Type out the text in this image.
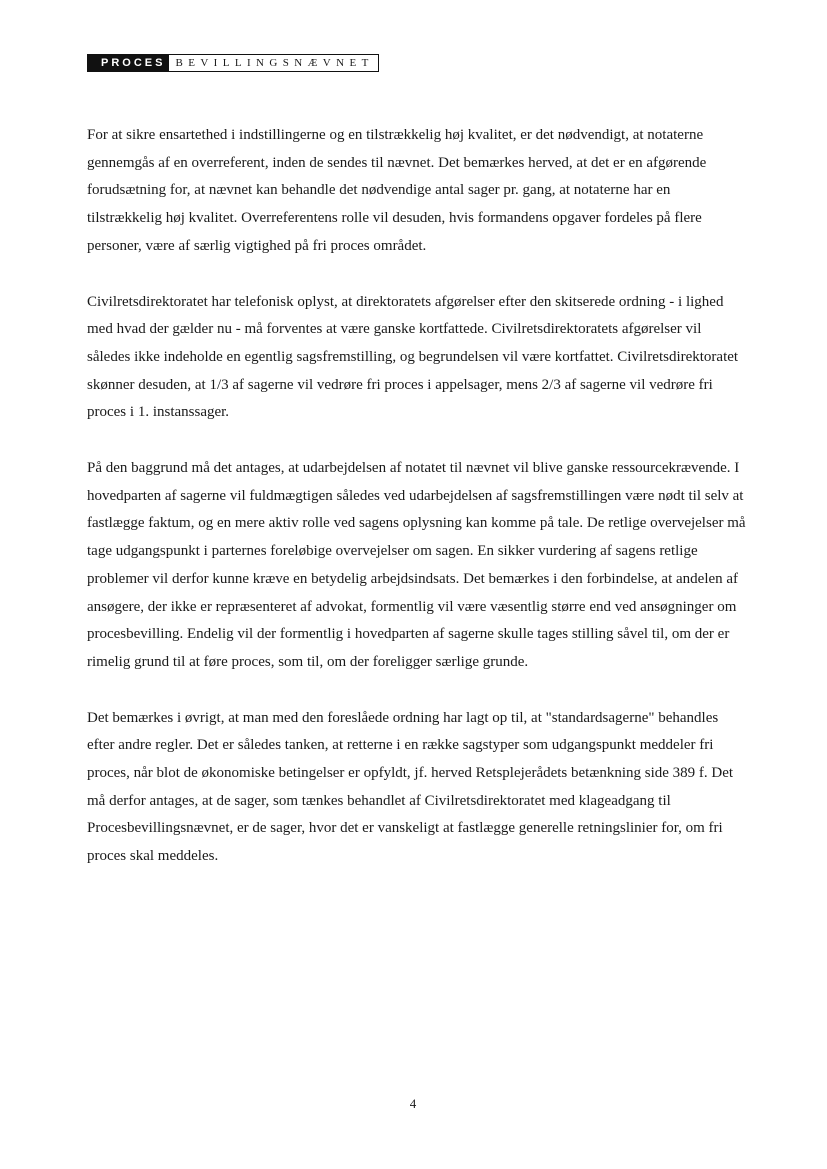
PROCES BEVILLINGSNÆVNET

For at sikre ensartethed i indstillingerne og en tilstrækkelig høj kvalitet, er det nødvendigt, at notaterne gennemgås af en overreferent, inden de sendes til nævnet. Det bemærkes herved, at det er en afgørende forudsætning for, at nævnet kan behandle det nødvendige antal sager pr. gang, at notaterne har en tilstrækkelig høj kvalitet. Overreferentens rolle vil desuden, hvis formandens opgaver fordeles på flere personer, være af særlig vigtighed på fri proces området.

Civilretsdirektoratet har telefonisk oplyst, at direktoratets afgørelser efter den skitserede ordning - i lighed med hvad der gælder nu - må forventes at være ganske kortfattede. Civilretsdirektoratets afgørelser vil således ikke indeholde en egentlig sagsfremstilling, og begrundelsen vil være kortfattet. Civilretsdirektoratet skønner desuden, at 1/3 af sagerne vil vedrøre fri proces i appelsager, mens 2/3 af sagerne vil vedrøre fri proces i 1. instanssager.

På den baggrund må det antages, at udarbejdelsen af notatet til nævnet vil blive ganske ressourcekrævende. I hovedparten af sagerne vil fuldmægtigen således ved udarbejdelsen af sagsfremstillingen være nødt til selv at fastlægge faktum, og en mere aktiv rolle ved sagens oplysning kan komme på tale. De retlige overvejelser må tage udgangspunkt i parternes foreløbige overvejelser om sagen. En sikker vurdering af sagens retlige problemer vil derfor kunne kræve en betydelig arbejdsindsats. Det bemærkes i den forbindelse, at andelen af ansøgere, der ikke er repræsenteret af advokat, formentlig vil være væsentlig større end ved ansøgninger om procesbevilling. Endelig vil der formentlig i hovedparten af sagerne skulle tages stilling såvel til, om der er rimelig grund til at føre proces, som til, om der foreligger særlige grunde.

Det bemærkes i øvrigt, at man med den foreslåede ordning har lagt op til, at "standardsagerne" behandles efter andre regler. Det er således tanken, at retterne i en række sagstyper som udgangspunkt meddeler fri proces, når blot de økonomiske betingelser er opfyldt, jf. herved Retsplejerådets betænkning side 389 f. Det må derfor antages, at de sager, som tænkes behandlet af Civilretsdirektoratet med klageadgang til Procesbevillingsnævnet, er de sager, hvor det er vanskeligt at fastlægge generelle retningslinier for, om fri proces skal meddeles.

4
